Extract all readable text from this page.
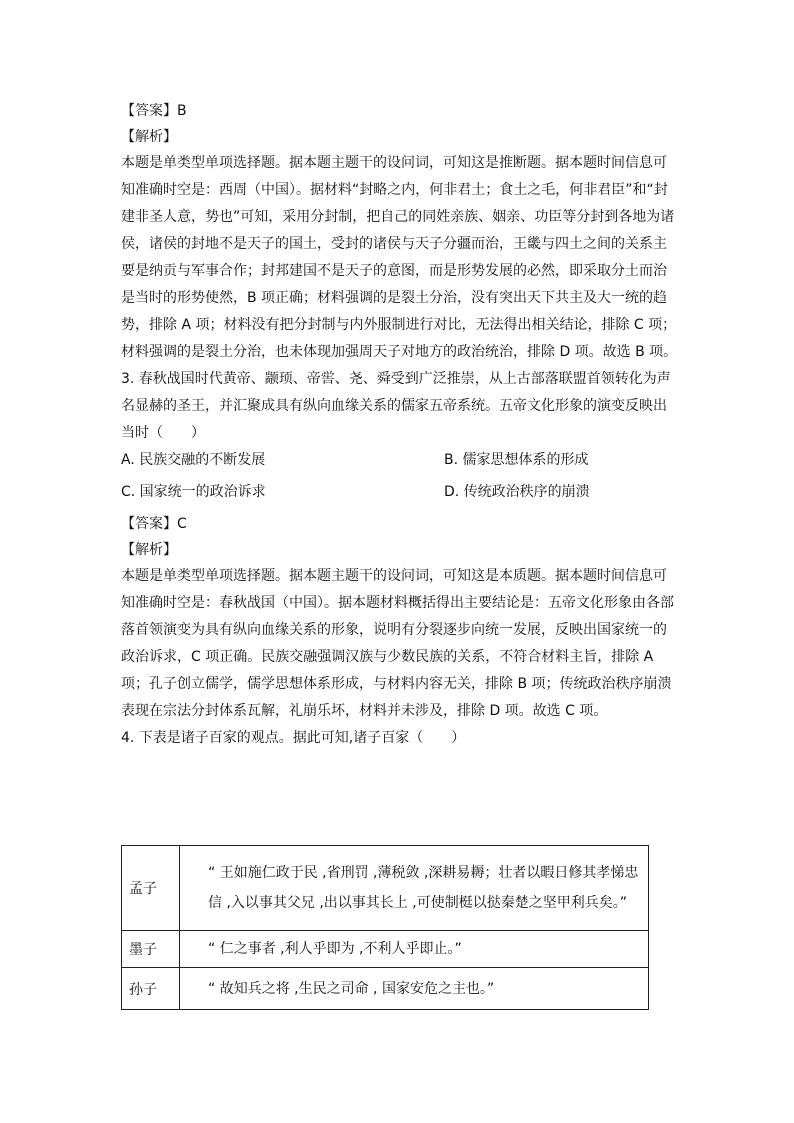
【答案】B

【解析】

本题是单类型单项选择题。据本题主题干的设问词，可知这是推断题。据本题时间信息可

知准确时空是：西周（中国）。据材料“封略之内，何非君土；食土之毛，何非君臣”和“封

建非圣人意，势也”可知，采用分封制，把自己的同姓亲族、姻亲、功臣等分封到各地为诸

侯，诸侯的封地不是天子的国土，受封的诸侯与天子分疆而治，王畿与四土之间的关系主

要是纳贡与军事合作；封邦建国不是天子的意图，而是形势发展的必然，即采取分土而治

是当时的形势使然，B 项正确；材料强调的是裂土分治，没有突出天下共主及大一统的趋

势，排除 A 项；材料没有把分封制与内外服制进行对比，无法得出相关结论，排除 C 项；

材料强调的是裂土分治，也未体现加强周天子对地方的政治统治，排除 D 项。故选 B 项。

3. 春秋战国时代黄帝、颛顼、帝喾、尧、舜受到广泛推崇，从上古部落联盟首领转化为声

名显赫的圣王，并汇聚成具有纵向血缘关系的儒家五帝系统。五帝文化形象的演变反映出

当时（　　）

A. 民族交融的不断发展	B. 儒家思想体系的形成
C. 国家统一的政治诉求	D. 传统政治秩序的崩溃

【答案】C

【解析】

本题是单类型单项选择题。据本题主题干的设问词，可知这是本质题。据本题时间信息可

知准确时空是：春秋战国（中国）。据本题材料概括得出主要结论是：五帝文化形象由各部

落首领演变为具有纵向血缘关系的形象，说明有分裂逐步向统一发展，反映出国家统一的

政治诉求，C 项正确。民族交融强调汉族与少数民族的关系，不符合材料主旨，排除 A

项；孔子创立儒学，儒学思想体系形成，与材料内容无关，排除 B 项；传统政治秩序崩溃

表现在宗法分封体系瓦解，礼崩乐坏，材料并未涉及，排除 D 项。故选 C 项。

4. 下表是诸子百家的观点。据此可知,诸子百家（　　）

孟子	“ 王如施仁政于民 ,省刑罚 ,薄税敛 ,深耕易耨；壮者以暇日修其孝悌忠
信 ,入以事其父兄 ,出以事其长上 ,可使制梃以挞秦楚之坚甲利兵矣。”

墨子	“ 仁之事者 ,利人乎即为 ,不利人乎即止。”

孙子	“ 故知兵之将 ,生民之司命 , 国家安危之主也。”
